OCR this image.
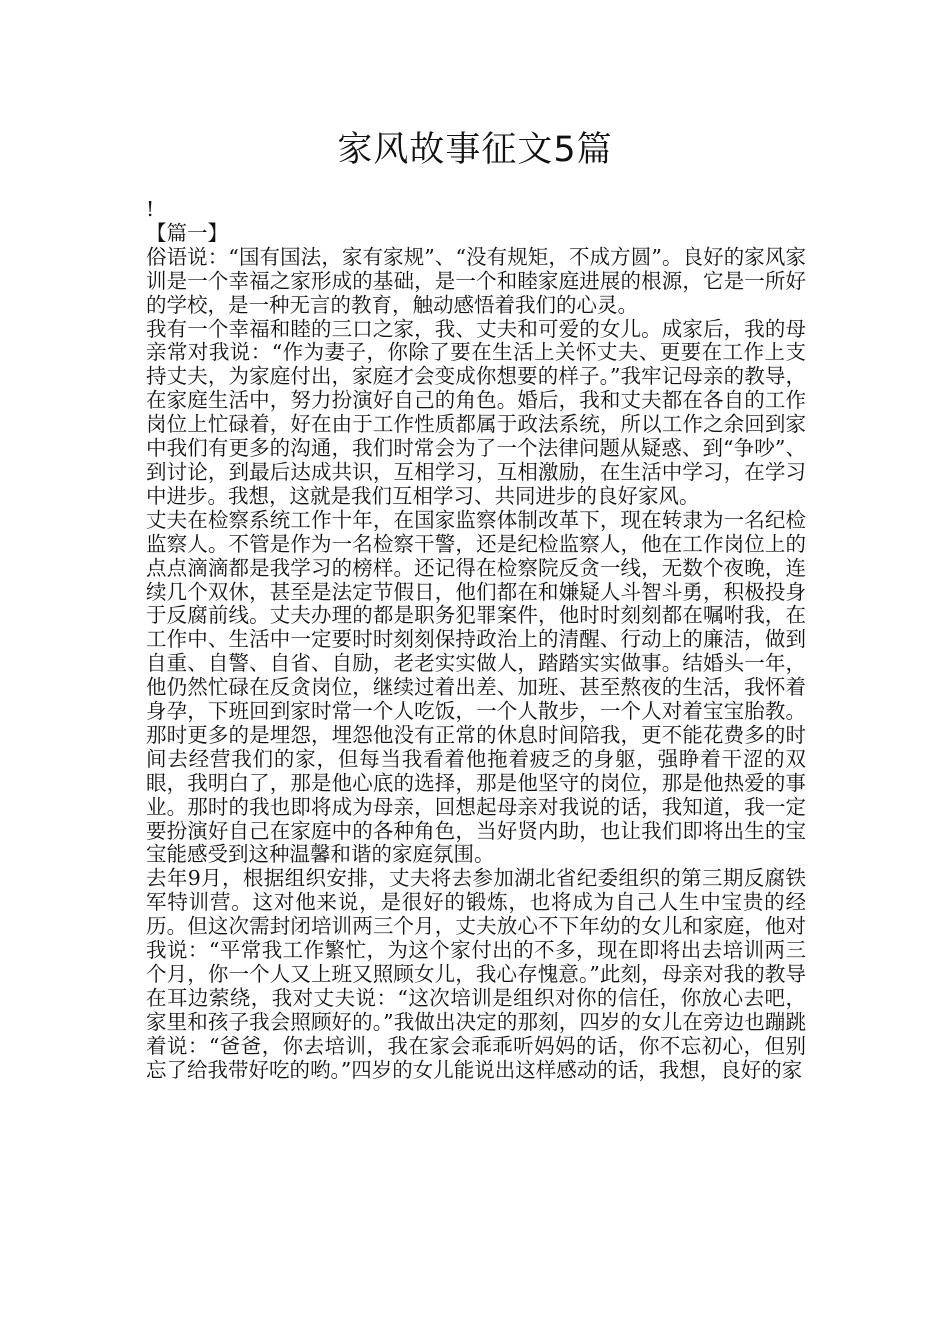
家风故事征文5篇

!

【篇一】

俗语说：“国有国法，家有家规”、“没有规矩，不成方圆”。良好的家风家训是一个幸福之家形成的基础，是一个和睦家庭进展的根源，它是一所好的学校，是一种无言的教育，触动感悟着我们的心灵。

我有一个幸福和睦的三口之家，我、丈夫和可爱的女儿。成家后，我的母亲常对我说：“作为妻子，你除了要在生活上关怀丈夫、更要在工作上支持丈夫，为家庭付出，家庭才会变成你想要的样子。”我牢记母亲的教导，在家庭生活中，努力扮演好自己的角色。婚后，我和丈夫都在各自的工作岗位上忙碌着，好在由于工作性质都属于政法系统，所以工作之余回到家中我们有更多的沟通，我们时常会为了一个法律问题从疑惑、到“争吵”、到讨论，到最后达成共识，互相学习，互相激励，在生活中学习，在学习中进步。我想，这就是我们互相学习、共同进步的良好家风。

丈夫在检察系统工作十年，在国家监察体制改革下，现在转隶为一名纪检监察人。不管是作为一名检察干警，还是纪检监察人，他在工作岗位上的点点滴滴都是我学习的榜样。还记得在检察院反贪一线，无数个夜晚，连续几个双休，甚至是法定节假日，他们都在和嫌疑人斗智斗勇，积极投身于反腐前线。丈夫办理的都是职务犯罪案件，他时时刻刻都在嘱咐我，在工作中、生活中一定要时时刻刻保持政治上的清醒、行动上的廉洁，做到自重、自警、自省、自励，老老实实做人，踏踏实实做事。结婚头一年，他仍然忙碌在反贪岗位，继续过着出差、加班、甚至熬夜的生活，我怀着身孕，下班回到家时常一个人吃饭，一个人散步，一个人对着宝宝胎教。那时更多的是埋怨，埋怨他没有正常的休息时间陪我，更不能花费多的时间去经营我们的家，但每当我看着他拖着疲乏的身躯，强睁着干涩的双眼，我明白了，那是他心底的选择，那是他坚守的岗位，那是他热爱的事业。那时的我也即将成为母亲，回想起母亲对我说的话，我知道，我一定要扮演好自己在家庭中的各种角色，当好贤内助，也让我们即将出生的宝宝能感受到这种温馨和谐的家庭氛围。

去年9月，根据组织安排，丈夫将去参加湖北省纪委组织的第三期反腐铁军特训营。这对他来说，是很好的锻炼，也将成为自己人生中宝贵的经历。但这次需封闭培训两三个月，丈夫放心不下年幼的女儿和家庭，他对我说：“平常我工作繁忙，为这个家付出的不多，现在即将出去培训两三个月，你一个人又上班又照顾女儿，我心存愧意。”此刻，母亲对我的教导在耳边萦绕，我对丈夫说：“这次培训是组织对你的信任，你放心去吧，家里和孩子我会照顾好的。”我做出决定的那刻，四岁的女儿在旁边也蹦跳着说：“爸爸，你去培训，我在家会乖乖听妈妈的话，你不忘初心，但别忘了给我带好吃的哟。”四岁的女儿能说出这样感动的话，我想，良好的家
